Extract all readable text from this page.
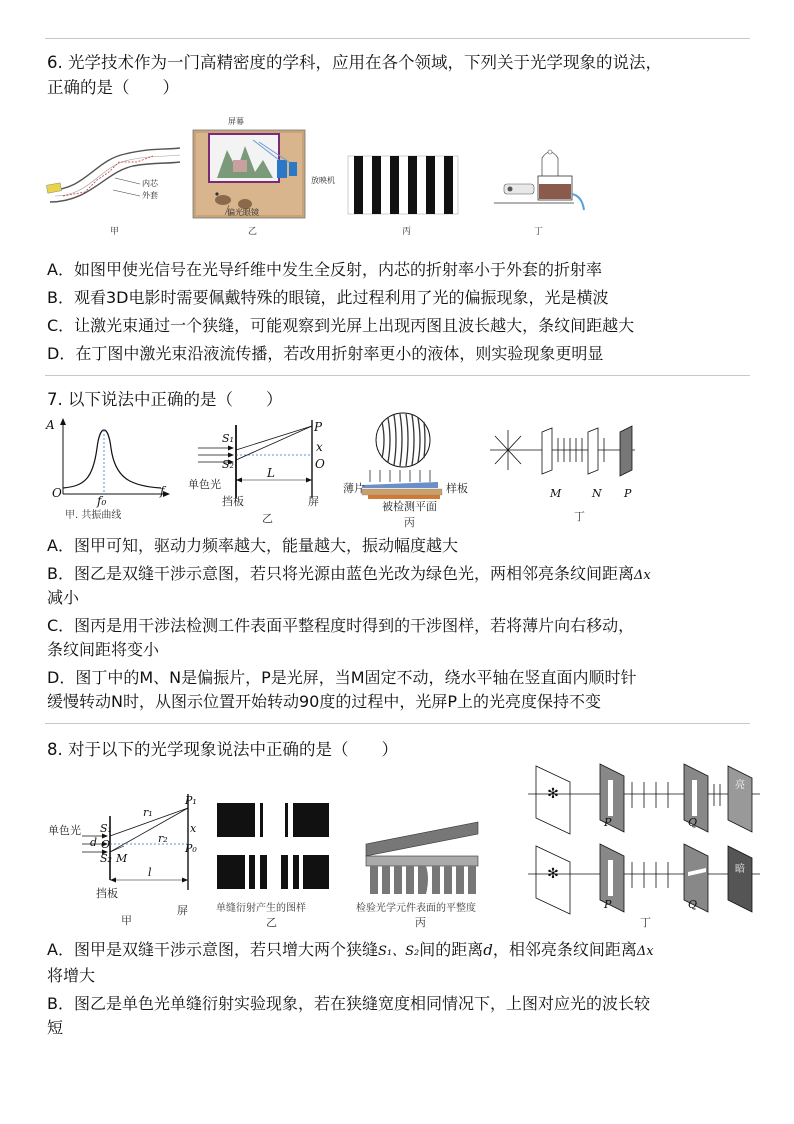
6. 光学技术作为一门高精密度的学科，应用在各个领域，下列关于光学现象的说法，
正确的是（　　）
内芯
外套
甲
屏幕
放映机
偏光眼镜
乙	丙	丁
A．如图甲使光信号在光导纤维中发生全反射，内芯的折射率小于外套的折射率
B．观看3D电影时需要佩戴特殊的眼镜，此过程利用了光的偏振现象，光是横波
C．让激光束通过一个狭缝，可能观察到光屏上出现丙图且波长越大，条纹间距越大
D．在丁图中激光束沿液流传播，若改用折射率更小的液体，则实验现象更明显
7. 以下说法中正确的是（　　）
A
O
f₀
f
甲. 共振曲线
S₁
S₂
P
x
O
L
单色光
挡板	屏
乙
薄片	样板
被检测平面
丙
M	N P
丁
A．图甲可知，驱动力频率越大，能量越大，振动幅度越大
B．图乙是双缝干涉示意图，若只将光源由蓝色光改为绿色光，两相邻亮条纹间距离Δx
减小
C．图丙是用干涉法检测工件表面平整程度时得到的干涉图样，若将薄片向右移动，
条纹间距将变小
D．图丁中的M、N是偏振片，P是光屏，当M固定不动，绕水平轴在竖直面内顺时针
缓慢转动N时，从图示位置开始转动90度的过程中，光屏P上的光亮度保持不变
8. 对于以下的光学现象说法中正确的是（　　）
单色光 S₁
d O
S₂ M
r₁
r₂
P₁
x
P₀
l
挡板
屏
甲
单缝衍射产生的图样
乙
检验光学元件表面的平整度
丙
✻
亮
P	Q
✻	暗
P	Q
丁
A．图甲是双缝干涉示意图，若只增大两个狭缝S₁、S₂间的距离d，相邻亮条纹间距离Δx
将增大
B．图乙是单色光单缝衍射实验现象，若在狭缝宽度相同情况下，上图对应光的波长较
短
